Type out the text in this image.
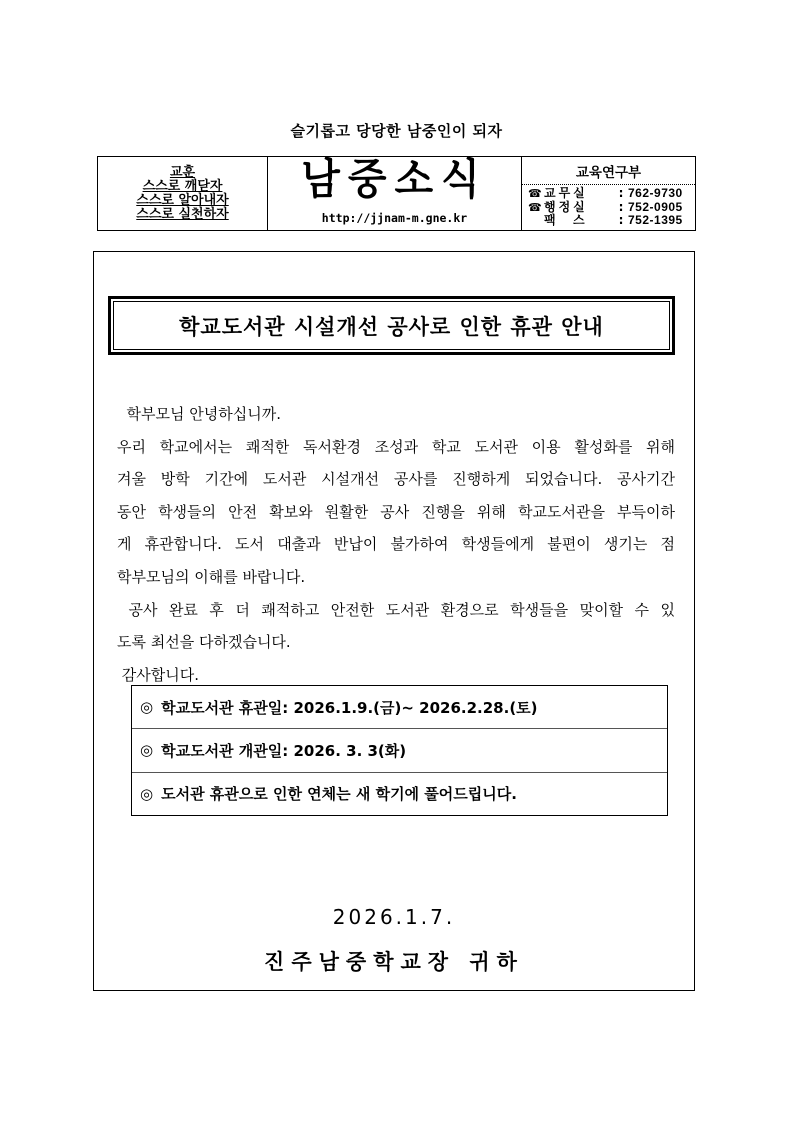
슬기롭고 당당한 남중인이 되자
교훈
스스로 깨닫자
스스로 알아내자
스스로 실천하자
남중소식
http://jjnam-m.gne.kr
교육연구부
☎ 교무실	: 762-9730
☎ 행정실	: 752-0905
팩  스	: 752-1395
학교도서관 시설개선 공사로 인한 휴관 안내

학부모님 안녕하십니까.

우리 학교에서는 쾌적한 독서환경 조성과 학교 도서관 이용 활성화를 위해

겨울 방학 기간에 도서관 시설개선 공사를 진행하게 되었습니다. 공사기간

동안 학생들의 안전 확보와 원활한 공사 진행을 위해 학교도서관을 부득이하

게 휴관합니다. 도서 대출과 반납이 불가하여 학생들에게 불편이 생기는 점

학부모님의 이해를 바랍니다.

공사 완료 후 더 쾌적하고 안전한 도서관 환경으로 학생들을 맞이할 수 있

도록 최선을 다하겠습니다.

감사합니다.

◎ 학교도서관 휴관일: 2026.1.9.(금)~ 2026.2.28.(토)
◎ 학교도서관 개관일: 2026. 3. 3(화)
◎ 도서관 휴관으로 인한 연체는 새 학기에 풀어드립니다.
2026.1.7.
진주남중학교장 귀하
